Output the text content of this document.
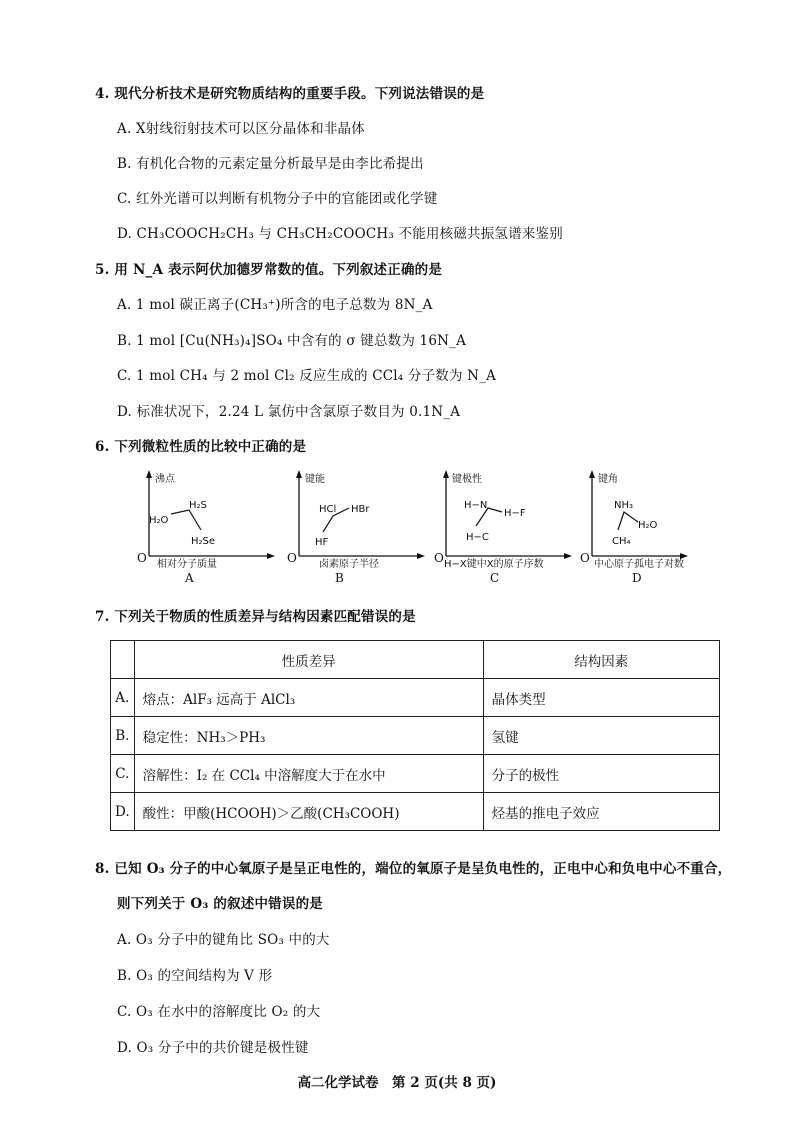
4. 现代分析技术是研究物质结构的重要手段。下列说法错误的是
A. X射线衍射技术可以区分晶体和非晶体
B. 有机化合物的元素定量分析最早是由李比希提出
C. 红外光谱可以判断有机物分子中的官能团或化学键
D. CH₃COOCH₂CH₃ 与 CH₃CH₂COOCH₃ 不能用核磁共振氢谱来鉴别
5. 用 N_A 表示阿伏加德罗常数的值。下列叙述正确的是
A. 1 mol 碳正离子(CH₃⁺)所含的电子总数为 8N_A
B. 1 mol [Cu(NH₃)₄]SO₄ 中含有的 σ 键总数为 16N_A
C. 1 mol CH₄ 与 2 mol Cl₂ 反应生成的 CCl₄ 分子数为 N_A
D. 标准状况下，2.24 L 氯仿中含氯原子数目为 0.1N_A
6. 下列微粒性质的比较中正确的是
沸点
O 相对分子质量
H₂O
H₂S
H₂Se
A
键能
O 卤素原子半径
HF
HCl HBr
B
键极性
O H−X键中X的原子序数
H−C
H−N
H−F
C
键角
O 中心原子孤电子对数
CH₄
NH₃
H₂O
D
7. 下列关于物质的性质差异与结构因素匹配错误的是
	性质差异	结构因素
A.	熔点：AlF₃ 远高于 AlCl₃	晶体类型
B.	稳定性：NH₃＞PH₃	氢键
C.	溶解性：I₂ 在 CCl₄ 中溶解度大于在水中	分子的极性
D.	酸性：甲酸(HCOOH)＞乙酸(CH₃COOH)	烃基的推电子效应
8. 已知 O₃ 分子的中心氧原子是呈正电性的，端位的氧原子是呈负电性的，正电中心和负电中心不重合，
则下列关于 O₃ 的叙述中错误的是
A. O₃ 分子中的键角比 SO₃ 中的大
B. O₃ 的空间结构为 V 形
C. O₃ 在水中的溶解度比 O₂ 的大
D. O₃ 分子中的共价键是极性键
高二化学试卷　第 2 页(共 8 页)
